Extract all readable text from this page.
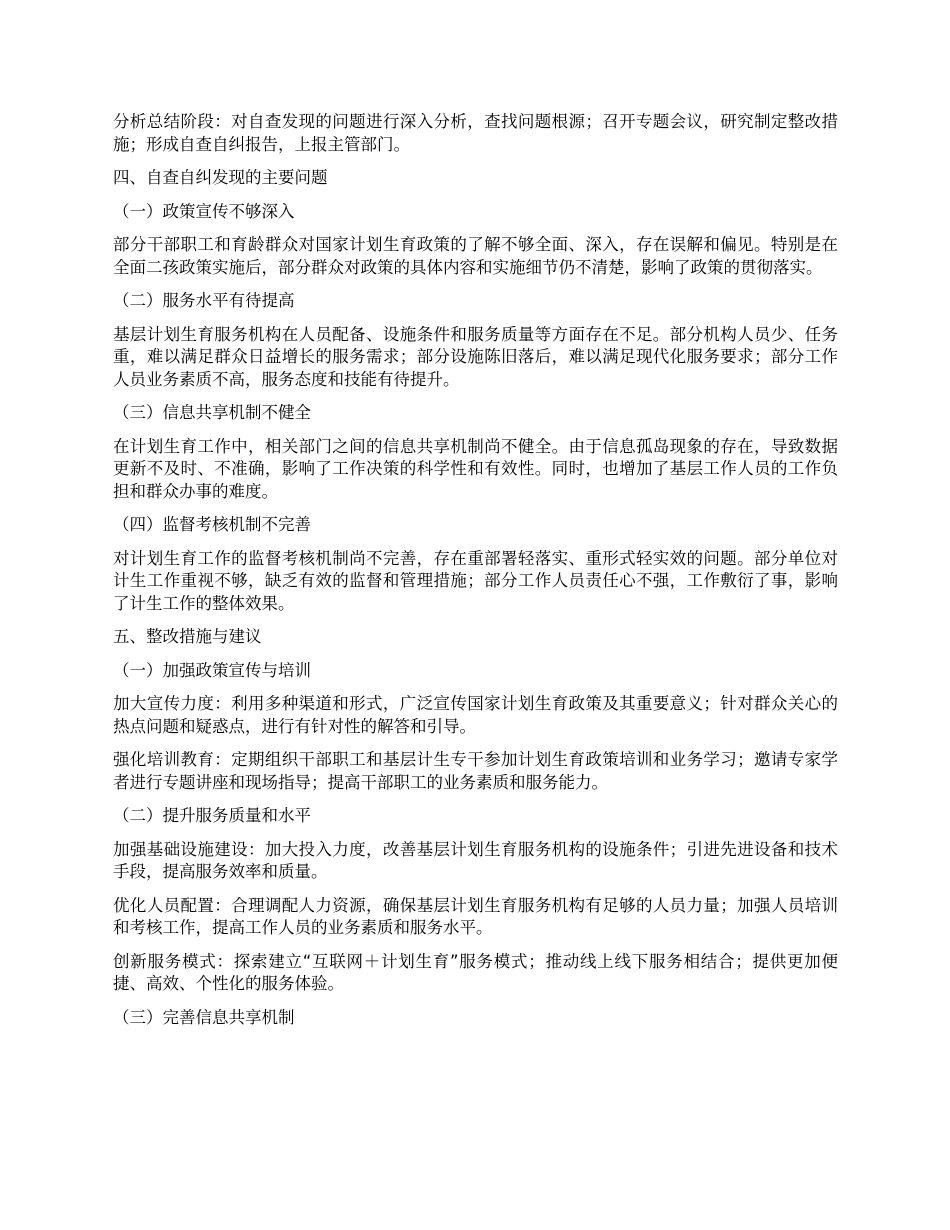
分析总结阶段：对自查发现的问题进行深入分析，查找问题根源；召开专题会议，研究制定整改措施；形成自查自纠报告，上报主管部门。

四、自查自纠发现的主要问题

（一）政策宣传不够深入

部分干部职工和育龄群众对国家计划生育政策的了解不够全面、深入，存在误解和偏见。特别是在全面二孩政策实施后，部分群众对政策的具体内容和实施细节仍不清楚，影响了政策的贯彻落实。

（二）服务水平有待提高

基层计划生育服务机构在人员配备、设施条件和服务质量等方面存在不足。部分机构人员少、任务重，难以满足群众日益增长的服务需求；部分设施陈旧落后，难以满足现代化服务要求；部分工作人员业务素质不高，服务态度和技能有待提升。

（三）信息共享机制不健全

在计划生育工作中，相关部门之间的信息共享机制尚不健全。由于信息孤岛现象的存在，导致数据更新不及时、不准确，影响了工作决策的科学性和有效性。同时，也增加了基层工作人员的工作负担和群众办事的难度。

（四）监督考核机制不完善

对计划生育工作的监督考核机制尚不完善，存在重部署轻落实、重形式轻实效的问题。部分单位对计生工作重视不够，缺乏有效的监督和管理措施；部分工作人员责任心不强，工作敷衍了事，影响了计生工作的整体效果。

五、整改措施与建议

（一）加强政策宣传与培训

加大宣传力度：利用多种渠道和形式，广泛宣传国家计划生育政策及其重要意义；针对群众关心的热点问题和疑惑点，进行有针对性的解答和引导。

强化培训教育：定期组织干部职工和基层计生专干参加计划生育政策培训和业务学习；邀请专家学者进行专题讲座和现场指导；提高干部职工的业务素质和服务能力。

（二）提升服务质量和水平

加强基础设施建设：加大投入力度，改善基层计划生育服务机构的设施条件；引进先进设备和技术手段，提高服务效率和质量。

优化人员配置：合理调配人力资源，确保基层计划生育服务机构有足够的人员力量；加强人员培训和考核工作，提高工作人员的业务素质和服务水平。

创新服务模式：探索建立“互联网＋计划生育”服务模式；推动线上线下服务相结合；提供更加便捷、高效、个性化的服务体验。

（三）完善信息共享机制
